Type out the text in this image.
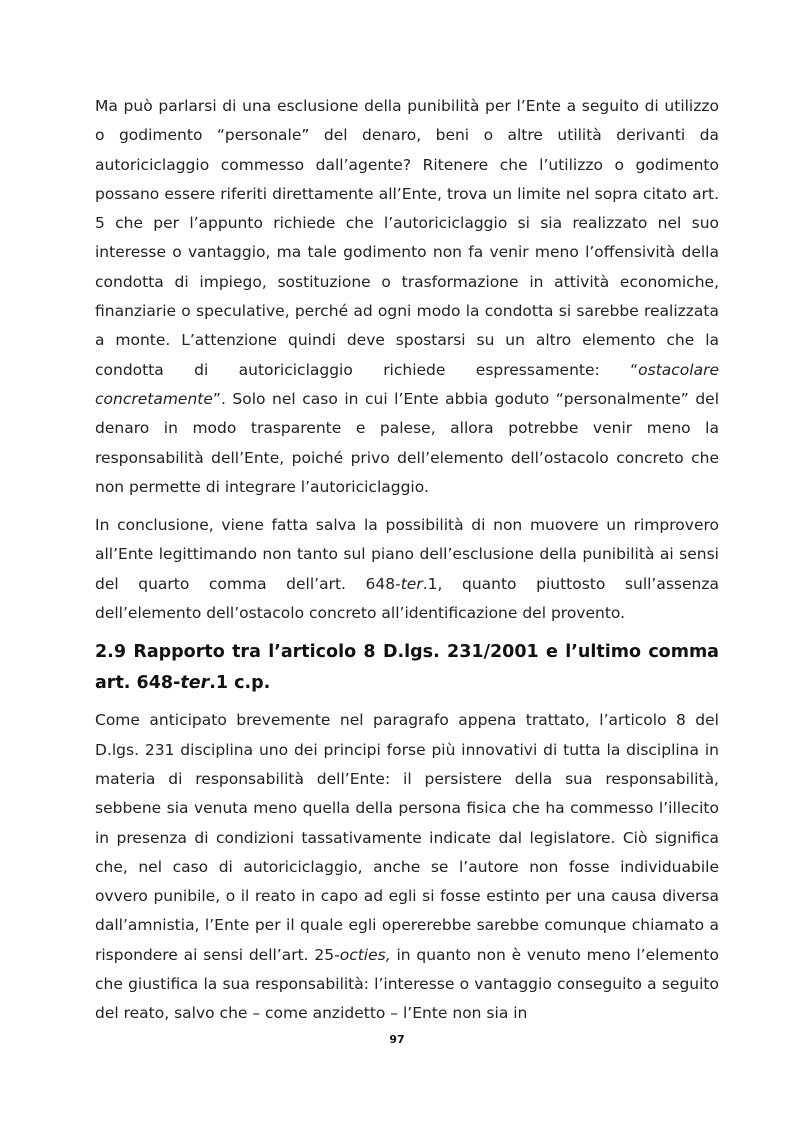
Ma può parlarsi di una esclusione della punibilità per l’Ente a seguito di utilizzo o godimento “personale” del denaro, beni o altre utilità derivanti da autoriciclaggio commesso dall’agente? Ritenere che l’utilizzo o godimento possano essere riferiti direttamente all’Ente, trova un limite nel sopra citato art. 5 che per l’appunto richiede che l’autoriciclaggio si sia realizzato nel suo interesse o vantaggio, ma tale godimento non fa venir meno l’offensività della condotta di impiego, sostituzione o trasformazione in attività economiche, finanziarie o speculative, perché ad ogni modo la condotta si sarebbe realizzata a monte. L’attenzione quindi deve spostarsi su un altro elemento che la condotta di autoriciclaggio richiede espressamente: “ostacolare concretamente”. Solo nel caso in cui l’Ente abbia goduto “personalmente” del denaro in modo trasparente e palese, allora potrebbe venir meno la responsabilità dell’Ente, poiché privo dell’elemento dell’ostacolo concreto che non permette di integrare l’autoriciclaggio.

In conclusione, viene fatta salva la possibilità di non muovere un rimprovero all’Ente legittimando non tanto sul piano dell’esclusione della punibilità ai sensi del quarto comma dell’art. 648-ter.1, quanto piuttosto sull’assenza dell’elemento dell’ostacolo concreto all’identificazione del provento.

2.9 Rapporto tra l’articolo 8 D.lgs. 231/2001 e l’ultimo comma art. 648-ter.1 c.p.

Come anticipato brevemente nel paragrafo appena trattato, l’articolo 8 del D.lgs. 231 disciplina uno dei principi forse più innovativi di tutta la disciplina in materia di responsabilità dell’Ente: il persistere della sua responsabilità, sebbene sia venuta meno quella della persona fisica che ha commesso l’illecito in presenza di condizioni tassativamente indicate dal legislatore. Ciò significa che, nel caso di autoriciclaggio, anche se l’autore non fosse individuabile ovvero punibile, o il reato in capo ad egli si fosse estinto per una causa diversa dall’amnistia, l’Ente per il quale egli opererebbe sarebbe comunque chiamato a rispondere ai sensi dell’art. 25-octies, in quanto non è venuto meno l’elemento che giustifica la sua responsabilità: l’interesse o vantaggio conseguito a seguito del reato, salvo che – come anzidetto – l’Ente non sia in

97
